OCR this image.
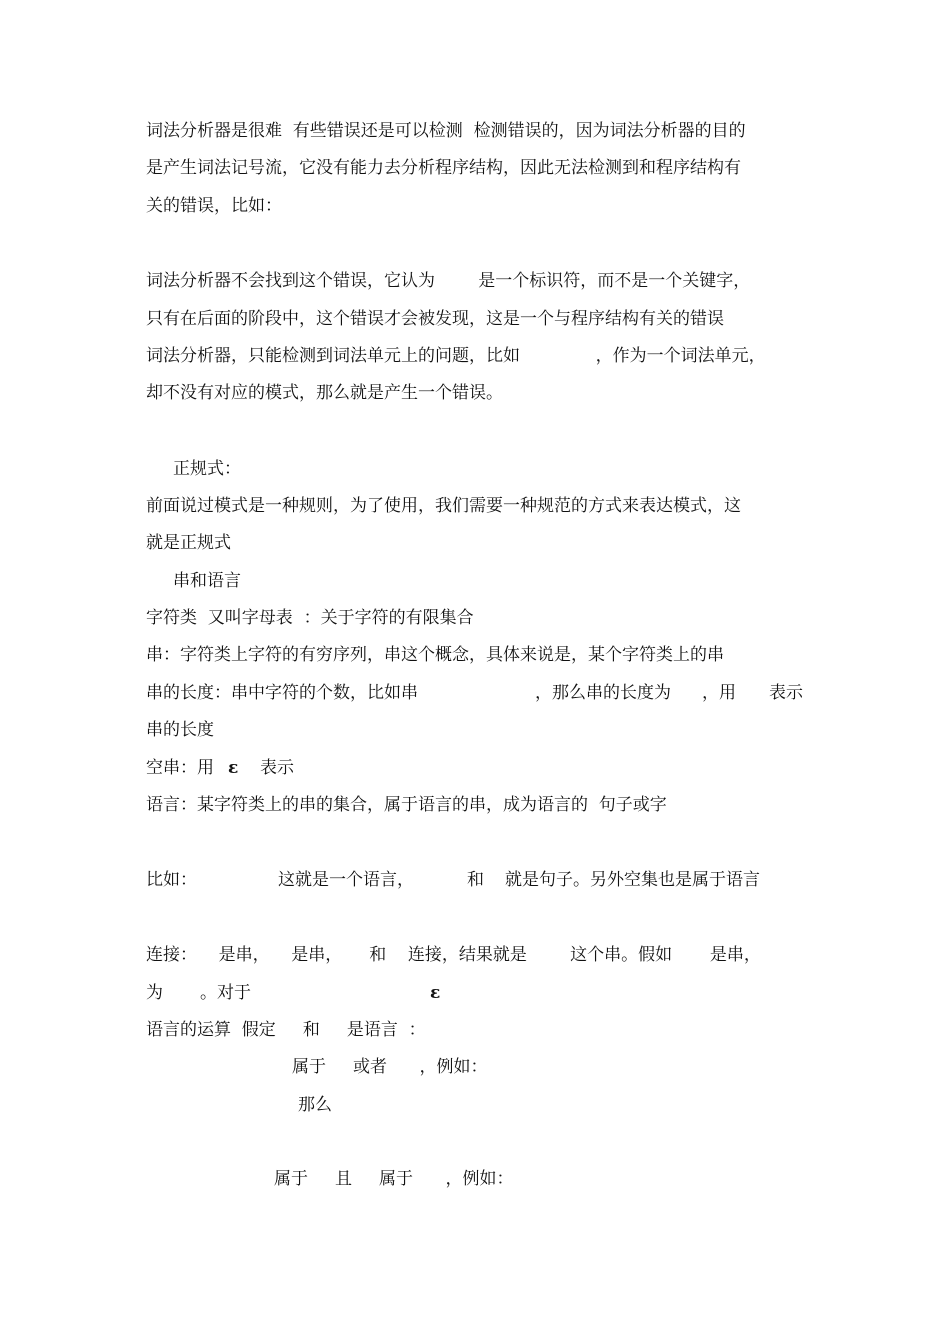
词法分析器是很难  有些错误还是可以检测  检测错误的，因为词法分析器的目的

是产生词法记号流，它没有能力去分析程序结构，因此无法检测到和程序结构有

关的错误，比如：

词法分析器不会找到这个错误，它认为        是一个标识符，而不是一个关键字，

只有在后面的阶段中，这个错误才会被发现，这是一个与程序结构有关的错误

词法分析器，只能检测到词法单元上的问题，比如              ，作为一个词法单元，

却不没有对应的模式，那么就是产生一个错误。

正规式：

前面说过模式是一种规则，为了使用，我们需要一种规范的方式来表达模式，这

就是正规式

串和语言

字符类  又叫字母表  ：关于字符的有限集合

串：字符类上字符的有穷序列，串这个概念，具体来说是，某个字符类上的串

串的长度：串中字符的个数，比如串	，那么串的长度为 ，用 表示

串的长度

空串：用 ε 表示

语言：某字符类上的串的集合，属于语言的串，成为语言的  句子或字

比如：	这就是一个语言，	和 就是句子。另外空集也是属于语言

连接：    是串，    是串，     和    连接，结果就是        这个串。假如       是串，

为 。对于	ε

语言的运算  假定     和     是语言  ：

属于     或者      ，例如：

那么

属于     且     属于      ，例如：
